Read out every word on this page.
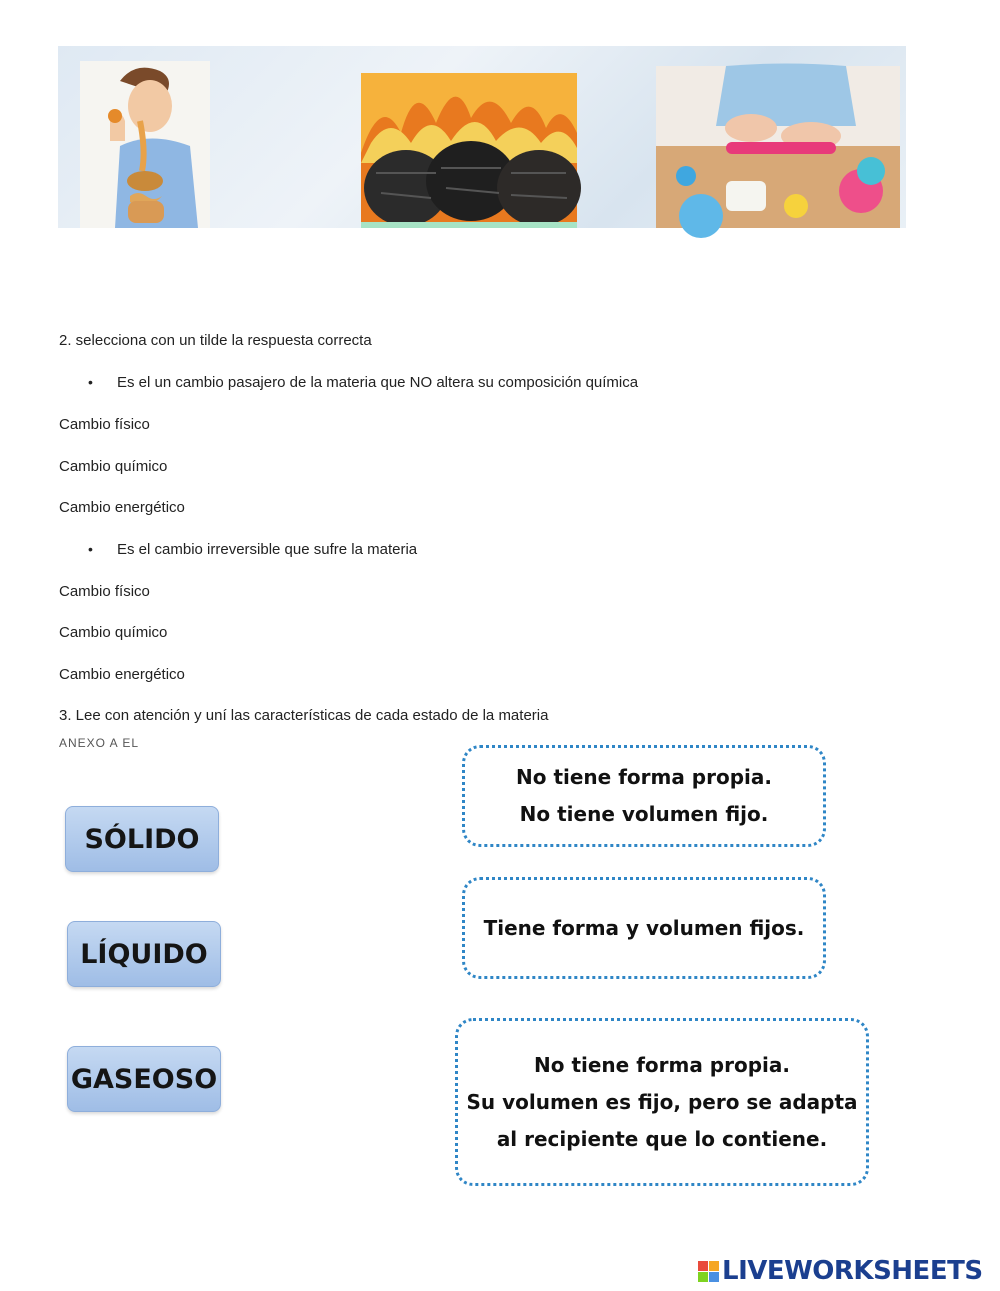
2. selecciona con un tilde la respuesta correcta
• Es el un cambio pasajero de la materia que NO altera su composición química
Cambio físico
Cambio químico
Cambio energético
• Es el cambio irreversible que sufre la materia
Cambio físico
Cambio químico
Cambio energético
3. Lee con atención y uní las características de cada estado de la materia
ANEXO A EL
SÓLIDO
LÍQUIDO
GASEOSO
No tiene forma propia.
No tiene volumen fijo.
Tiene forma y volumen fijos.
No tiene forma propia.
Su volumen es fijo, pero se adapta
al recipiente que lo contiene.
LIVEWORKSHEETS
